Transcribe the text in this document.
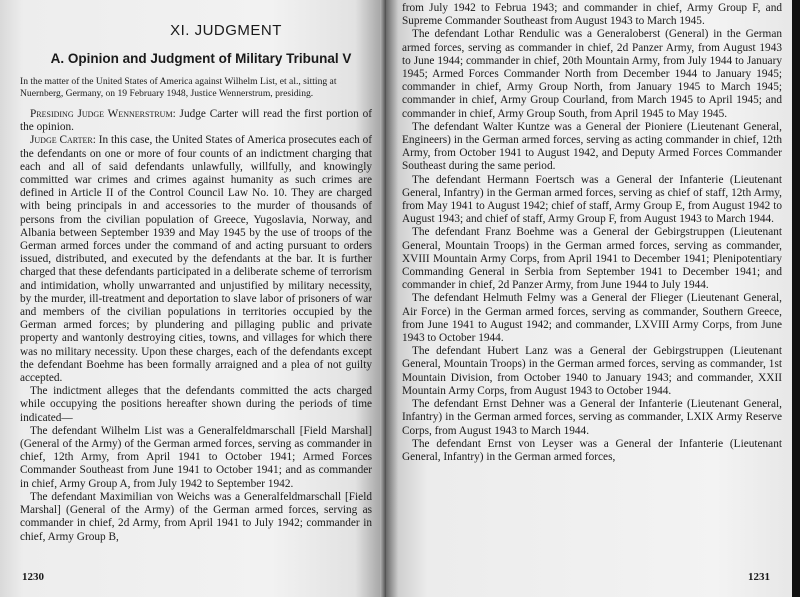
XI. JUDGMENT
A. Opinion and Judgment of Military Tribunal V
In the matter of the United States of America against Wilhelm List, et al., sitting at Nuernberg, Germany, on 19 February 1948, Justice Wennerstrum, presiding.

Presiding Judge Wennerstrum: Judge Carter will read the first portion of the opinion.

Judge Carter: In this case, the United States of America prosecutes each of the defendants on one or more of four counts of an indictment charging that each and all of said defendants unlawfully, willfully, and knowingly committed war crimes and crimes against humanity as such crimes are defined in Article II of the Control Council Law No. 10. They are charged with being principals in and accessories to the murder of thousands of persons from the civilian population of Greece, Yugoslavia, Norway, and Albania between September 1939 and May 1945 by the use of troops of the German armed forces under the command of and acting pursuant to orders issued, distributed, and executed by the defendants at the bar. It is further charged that these defendants participated in a deliberate scheme of terrorism and intimidation, wholly unwarranted and unjustified by military necessity, by the murder, ill-treatment and deportation to slave labor of prisoners of war and members of the civilian populations in territories occupied by the German armed forces; by plundering and pillaging public and private property and wantonly destroying cities, towns, and villages for which there was no military necessity. Upon these charges, each of the defendants except the defendant Boehme has been formally arraigned and a plea of not guilty accepted.

The indictment alleges that the defendants committed the acts charged while occupying the positions hereafter shown during the periods of time indicated—

The defendant Wilhelm List was a Generalfeldmarschall [Field Marshal] (General of the Army) of the German armed forces, serving as commander in chief, 12th Army, from April 1941 to October 1941; Armed Forces Commander Southeast from June 1941 to October 1941; and as commander in chief, Army Group A, from July 1942 to September 1942.

The defendant Maximilian von Weichs was a Generalfeldmarschall [Field Marshal] (General of the Army) of the German armed forces, serving as commander in chief, 2d Army, from April 1941 to July 1942; commander in chief, Army Group B,

1230

from July 1942 to Februa 1943; and commander in chief, Army Group F, and Supreme Commander Southeast from August 1943 to March 1945.

The defendant Lothar Rendulic was a Generaloberst (General) in the German armed forces, serving as commander in chief, 2d Panzer Army, from August 1943 to June 1944; commander in chief, 20th Mountain Army, from July 1944 to January 1945; Armed Forces Commander North from December 1944 to January 1945; commander in chief, Army Group North, from January 1945 to March 1945; commander in chief, Army Group Courland, from March 1945 to April 1945; and commander in chief, Army Group South, from April 1945 to May 1945.

The defendant Walter Kuntze was a General der Pioniere (Lieutenant General, Engineers) in the German armed forces, serving as acting commander in chief, 12th Army, from October 1941 to August 1942, and Deputy Armed Forces Commander Southeast during the same period.

The defendant Hermann Foertsch was a General der Infanterie (Lieutenant General, Infantry) in the German armed forces, serving as chief of staff, 12th Army, from May 1941 to August 1942; chief of staff, Army Group E, from August 1942 to August 1943; and chief of staff, Army Group F, from August 1943 to March 1944.

The defendant Franz Boehme was a General der Gebirgstruppen (Lieutenant General, Mountain Troops) in the German armed forces, serving as commander, XVIII Mountain Army Corps, from April 1941 to December 1941; Plenipotentiary Commanding General in Serbia from September 1941 to December 1941; and commander in chief, 2d Panzer Army, from June 1944 to July 1944.

The defendant Helmuth Felmy was a General der Flieger (Lieutenant General, Air Force) in the German armed forces, serving as commander, Southern Greece, from June 1941 to August 1942; and commander, LXVIII Army Corps, from June 1943 to October 1944.

The defendant Hubert Lanz was a General der Gebirgstruppen (Lieutenant General, Mountain Troops) in the German armed forces, serving as commander, 1st Mountain Division, from October 1940 to January 1943; and commander, XXII Mountain Army Corps, from August 1943 to October 1944.

The defendant Ernst Dehner was a General der Infanterie (Lieutenant General, Infantry) in the German armed forces, serving as commander, LXIX Army Reserve Corps, from August 1943 to March 1944.

The defendant Ernst von Leyser was a General der Infanterie (Lieutenant General, Infantry) in the German armed forces,

1231
